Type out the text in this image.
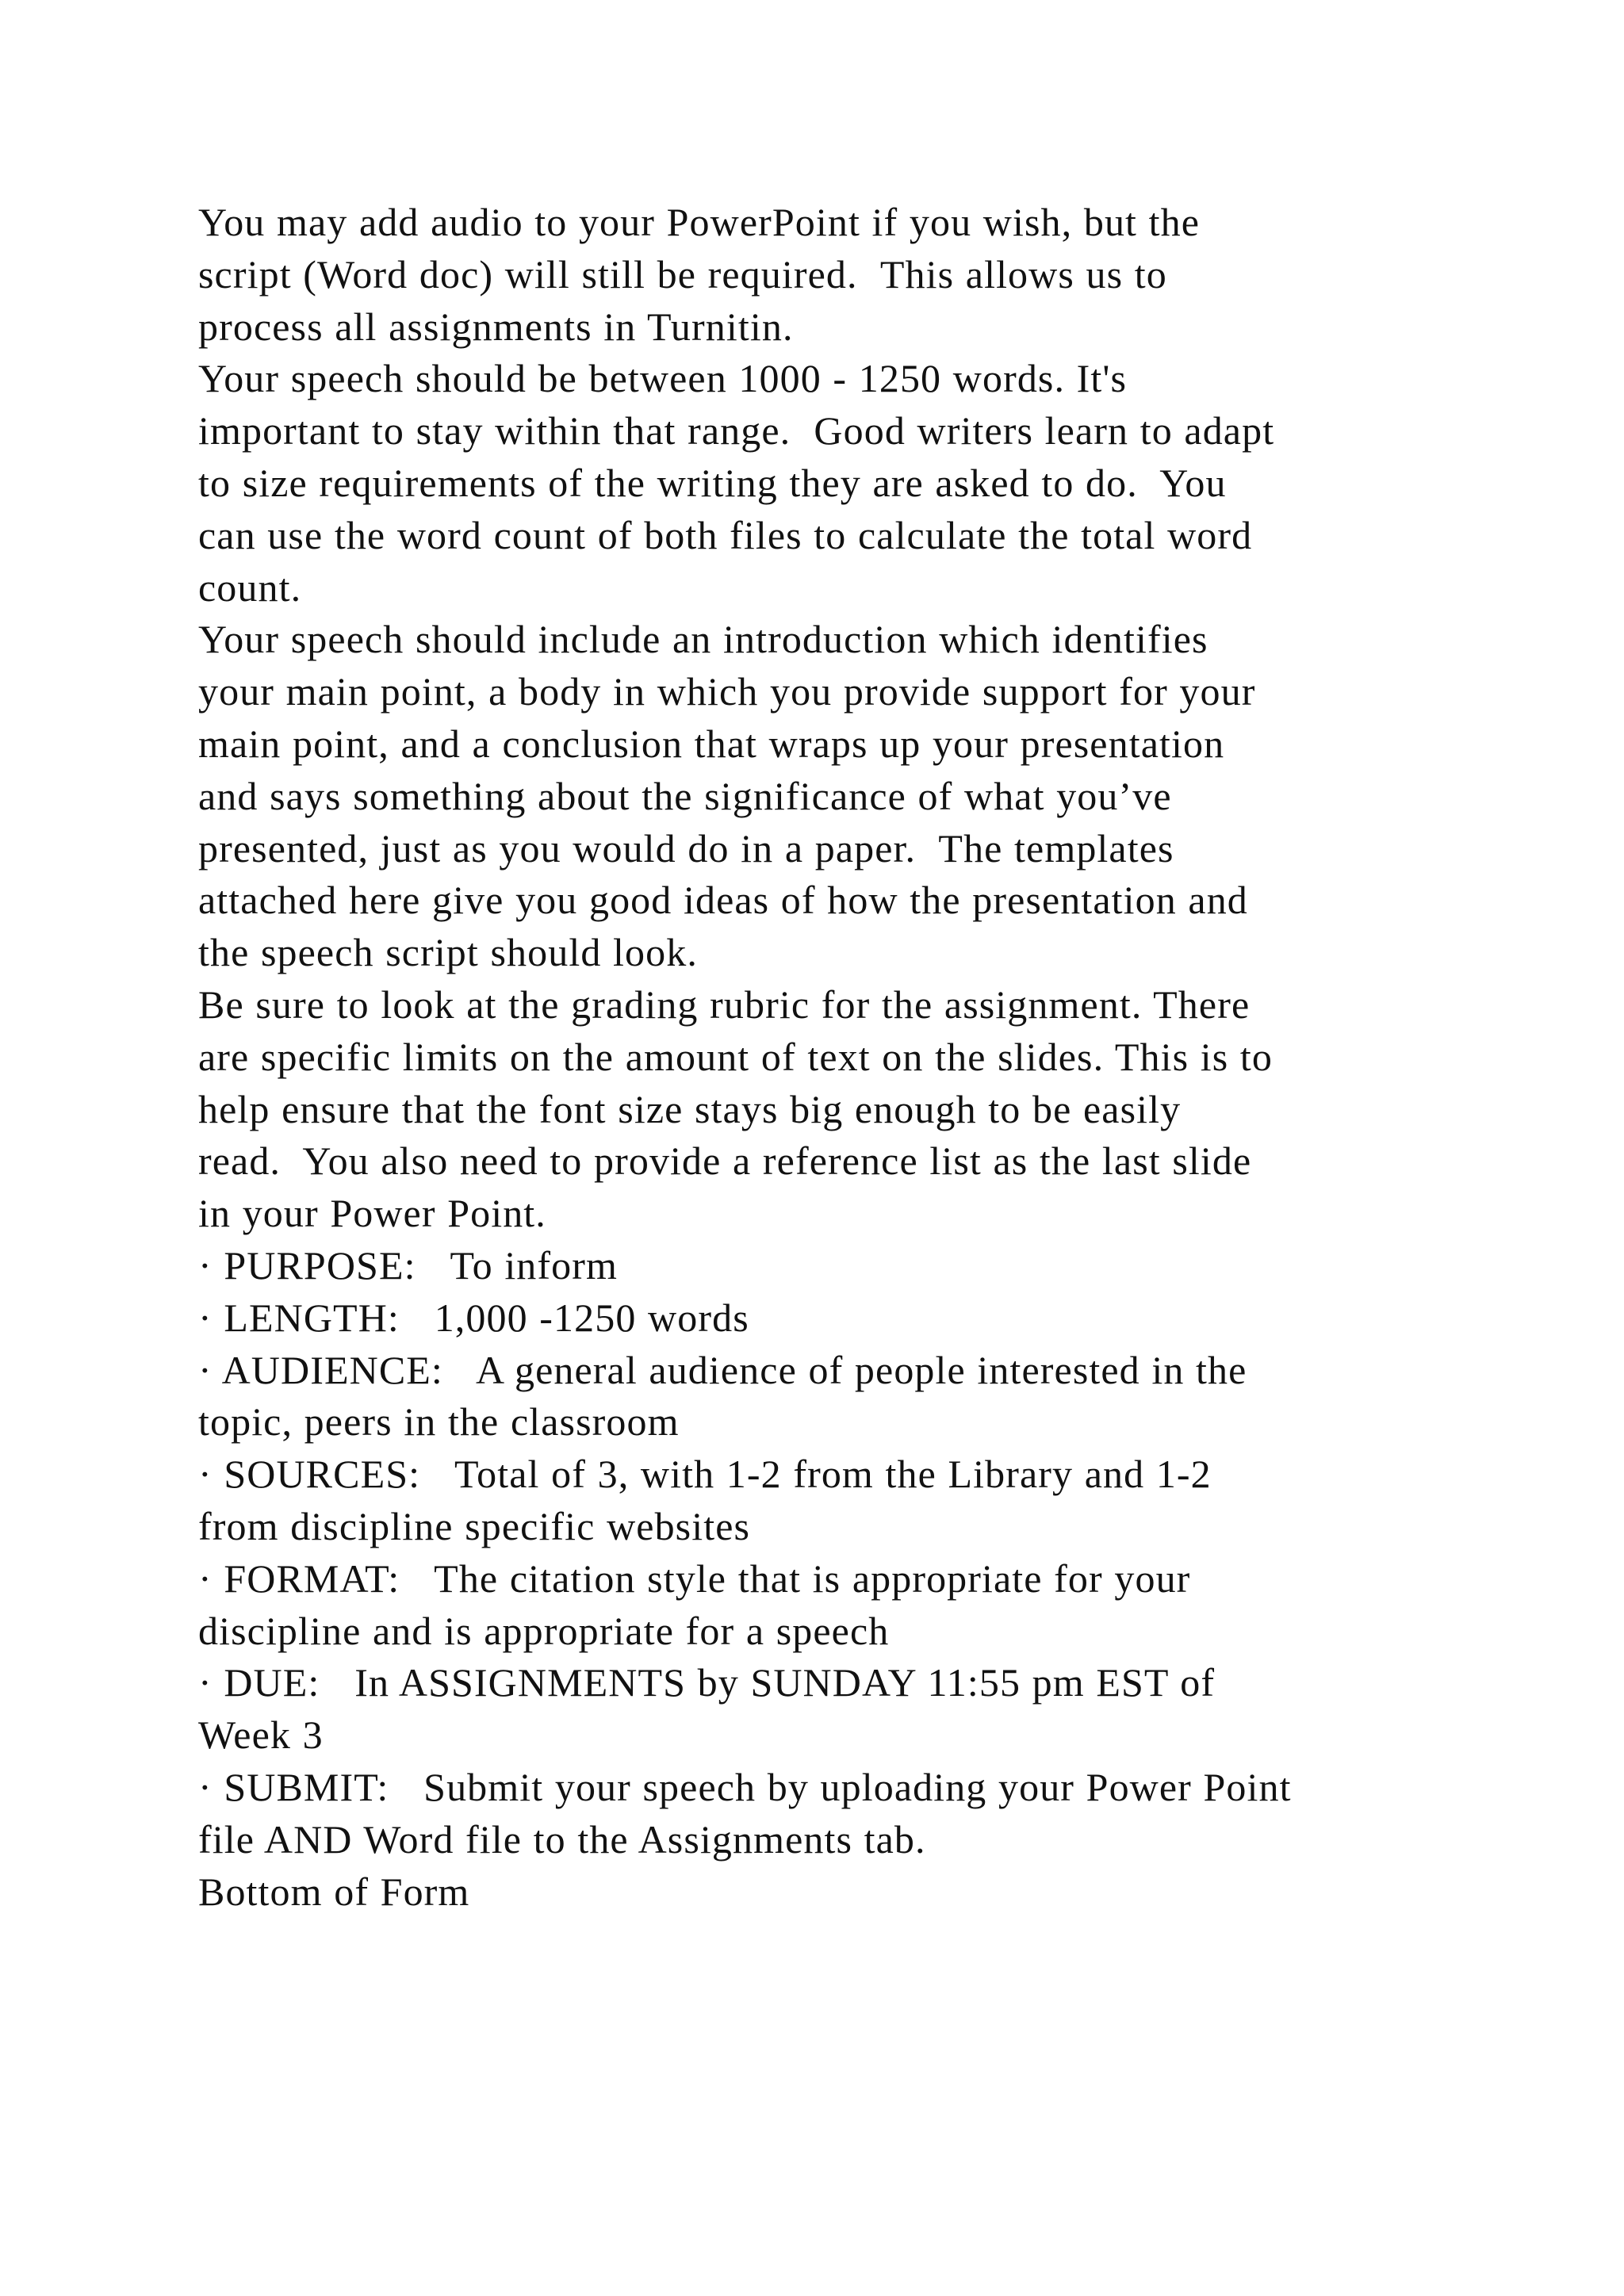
You may add audio to your PowerPoint if you wish, but the
script (Word doc) will still be required.  This allows us to
process all assignments in Turnitin.
Your speech should be between 1000 - 1250 words. It's
important to stay within that range.  Good writers learn to adapt
to size requirements of the writing they are asked to do.  You
can use the word count of both files to calculate the total word
count.
Your speech should include an introduction which identifies
your main point, a body in which you provide support for your
main point, and a conclusion that wraps up your presentation
and says something about the significance of what you’ve
presented, just as you would do in a paper.  The templates
attached here give you good ideas of how the presentation and
the speech script should look.
Be sure to look at the grading rubric for the assignment. There
are specific limits on the amount of text on the slides. This is to
help ensure that the font size stays big enough to be easily
read.  You also need to provide a reference list as the last slide
in your Power Point.
· PURPOSE:   To inform
· LENGTH:   1,000 -1250 words
· AUDIENCE:   A general audience of people interested in the
topic, peers in the classroom
· SOURCES:   Total of 3, with 1-2 from the Library and 1-2
from discipline specific websites
· FORMAT:   The citation style that is appropriate for your
discipline and is appropriate for a speech
· DUE:   In ASSIGNMENTS by SUNDAY 11:55 pm EST of
Week 3
· SUBMIT:   Submit your speech by uploading your Power Point
file AND Word file to the Assignments tab.
Bottom of Form
